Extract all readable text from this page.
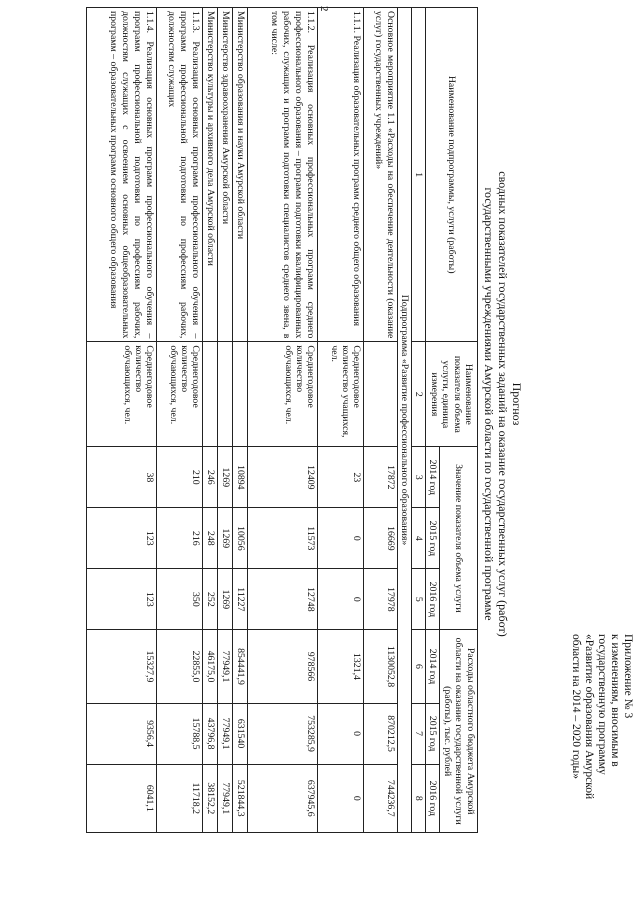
2
Приложение № 3
к изменениям, вносимым в
государственную программу
«Развитие образования Амурской
области на 2014 – 2020 годы»
Прогноз
сводных показателей государственных заданий на оказание государственных услуг (работ)
государственными учреждениями Амурской области по государственной программе
Наименование подпрограммы, услуги (работы)	Наименование показателя объема услуги, единица измерения	Значение показателя объема услуги			Расходы областного бюджета Амурской области на оказание государственной услуги (работы), тыс. рублей		
		2014 год	2015 год	2016 год	2014 год	2015 год	2016 год
1	2	3	4	5	6	7	8
Подпрограмма «Развитие профессионального образования»							
Основное мероприятие 1.1 «Расходы на обеспечение деятельности (оказание услуг) государственных учреждений»		17872	16669	17978	1130052,8	870212,5	744236,7
1.1.1. Реализация образовательных программ среднего общего образования	Среднегодовое количество учащихся, чел.	23	0	0	1321,4	0	0
1.1.2. Реализация основных профессиональных программ среднего профессионального образования – программ подготовки квалифицированных рабочих, служащих и программ подготовки специалистов среднего звена, в том числе:	Среднегодовое количество обучающихся, чел.	12409	11573	12748	978566	753285,9	637945,6
Министерство образования и науки Амурской области		10894	10056	11227	854441,9	631540	521844,3
Министерство здравоохранения Амурской области		1269	1269	1269	77949,1	77949,1	77949,1
Министерство культуры и архивного дела Амурской области		246	248	252	46175,0	43796,8	38152,2
1.1.3. Реализация основных программ профессионального обучения – программ профессиональной подготовки по профессиям рабочих, должностям служащих	Среднегодовое количество обучающихся, чел.	210	216	350	22855,0	15788,5	11718,2
1.1.4. Реализация основных программ профессионального обучения – программ профессиональной подготовки по профессиям рабочих, должностям служащих с освоением основных общеобразовательных программ – образовательных программ основного общего образования	Среднегодовое количество обучающихся, чел.	38	123	123	15327,9	9356,4	6041,1
